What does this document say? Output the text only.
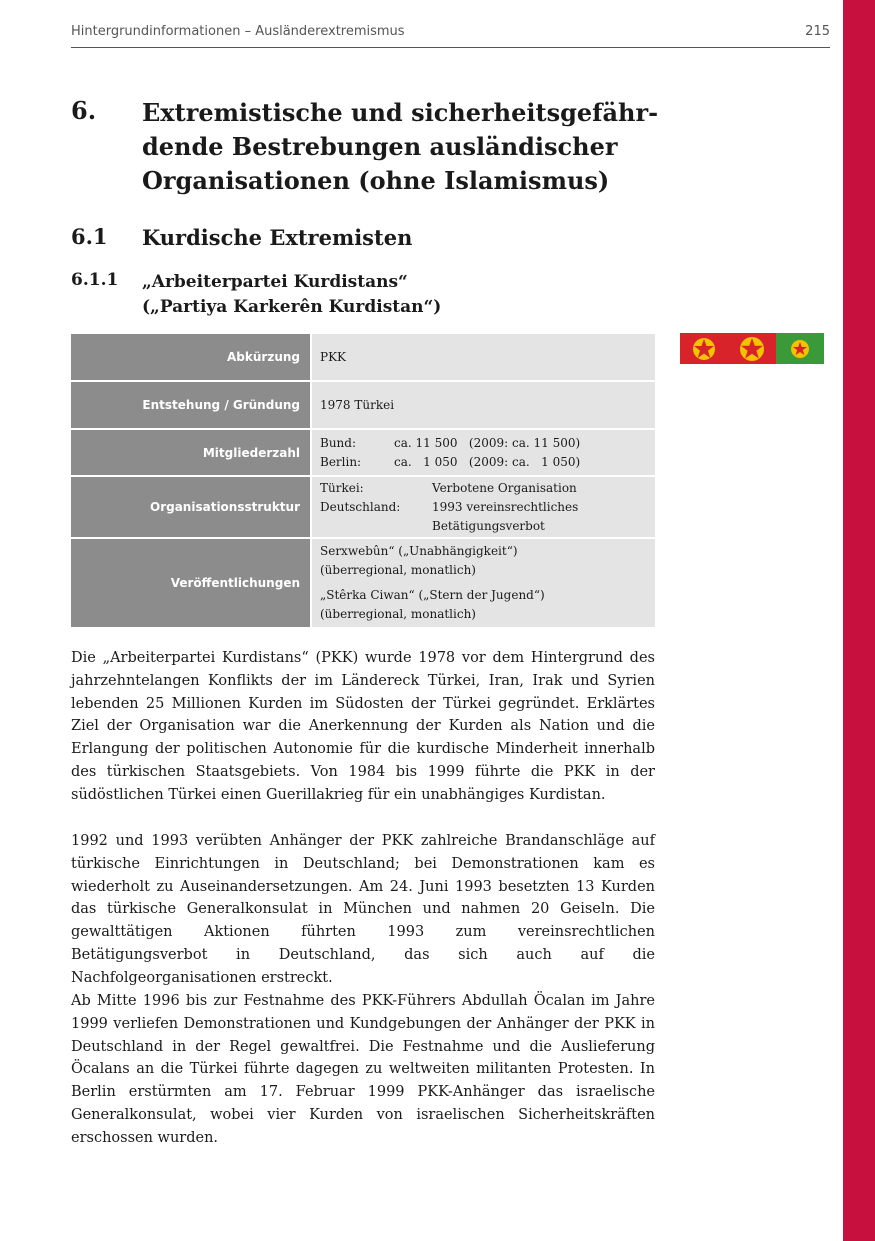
Hintergrundinformationen – Ausländerextremismus	215
6. Extremistische und sicherheitsgefähr-
dende Bestrebungen ausländischer
Organisationen (ohne Islamismus)
6.1 Kurdische Extremisten
6.1.1 „Arbeiterpartei Kurdistans“
(„Partiya Karkerên Kurdistan“)
Abkürzung	PKK
Entstehung / Gründung	1978 Türkei
Mitgliederzahl	Bund: ca. 11 500   (2009: ca. 11 500)
Berlin: ca.   1 050   (2009: ca.   1 050)

Organisationsstruktur	Türkei: Verbotene Organisation
Deutschland: 1993 vereinsrechtliches
Betätigungsverbot

Veröffentlichungen	Serxwebûn“ („Unabhängigkeit“)
(überregional, monatlich)
„Stêrka Ciwan“ („Stern der Jugend“)
(überregional, monatlich)
Die „Arbeiterpartei Kurdistans“ (PKK) wurde 1978 vor dem Hintergrund des jahrzehntelangen Konflikts der im Ländereck Türkei, Iran, Irak und Syrien lebenden 25 Millionen Kurden im Südosten der Türkei gegründet. Erklärtes Ziel der Organisation war die Anerkennung der Kurden als Nation und die Erlangung der politischen Autonomie für die kurdische Minderheit innerhalb des türkischen Staatsgebiets. Von 1984 bis 1999 führte die PKK in der südöstlichen Türkei einen Guerillakrieg für ein unabhängiges Kurdistan.
1992 und 1993 verübten Anhänger der PKK zahlreiche Brandanschläge auf türkische Einrichtungen in Deutschland; bei Demonstrationen kam es wiederholt zu Auseinandersetzungen. Am 24. Juni 1993 besetzten 13 Kurden das türkische Generalkonsulat in München und nahmen 20 Geiseln. Die gewalttätigen Aktionen führten 1993 zum vereinsrechtlichen Betätigungsverbot in Deutschland, das sich auch auf die Nachfolgeorganisationen erstreckt.
Ab Mitte 1996 bis zur Festnahme des PKK-Führers Abdullah Öcalan im Jahre 1999 verliefen Demonstrationen und Kundgebungen der Anhänger der PKK in Deutschland in der Regel gewaltfrei. Die Festnahme und die Auslieferung Öcalans an die Türkei führte dagegen zu weltweiten militanten Protesten. In Berlin erstürmten am 17. Februar 1999 PKK-Anhänger das israelische Generalkonsulat, wobei vier Kurden von israelischen Sicherheitskräften erschossen wurden.
